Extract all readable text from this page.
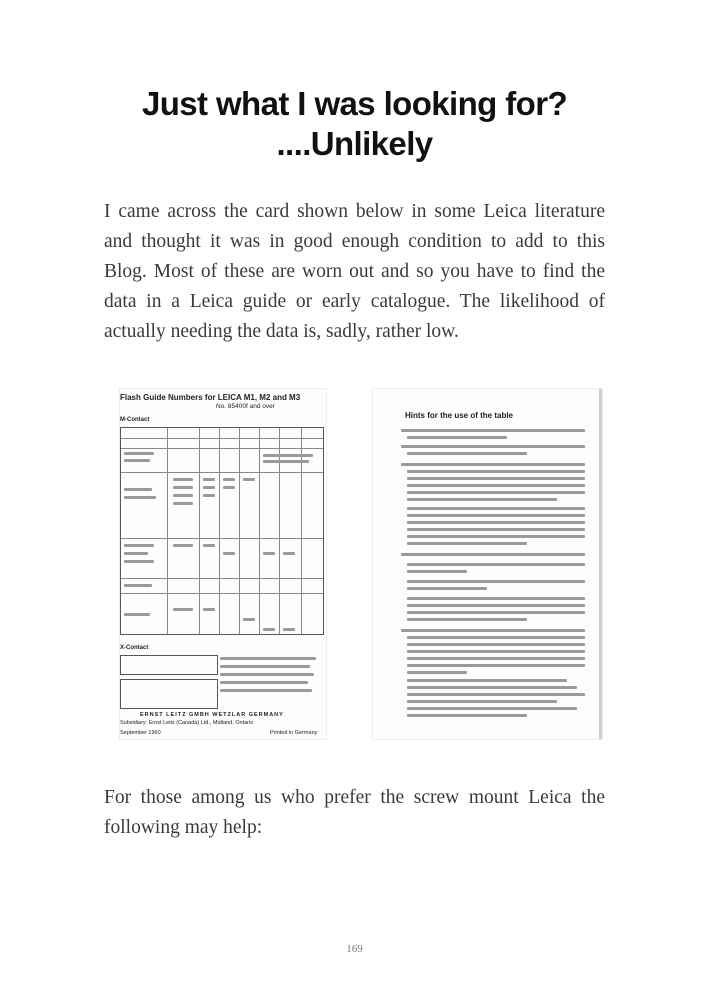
Just what I was looking for?
....Unlikely
I came across the card shown below in some Leica literature and thought it was in good enough condition to add to this Blog. Most of these are worn out and so you have to find the data in a Leica guide or early catalogue. The likelihood of actually needing the data is, sadly, rather low.
Flash Guide Numbers for LEICA M1, M2 and M3
No. 85400f and over
M-Contact
X-Contact
ERNST LEITZ GMBH WETZLAR GERMANY
Subsidiary: Ernst Leitz (Canada) Ltd., Midland, Ontario
September 1960	Printed in Germany
Hints for the use of the table
For those among us who prefer the screw mount Leica the following may help:
169
